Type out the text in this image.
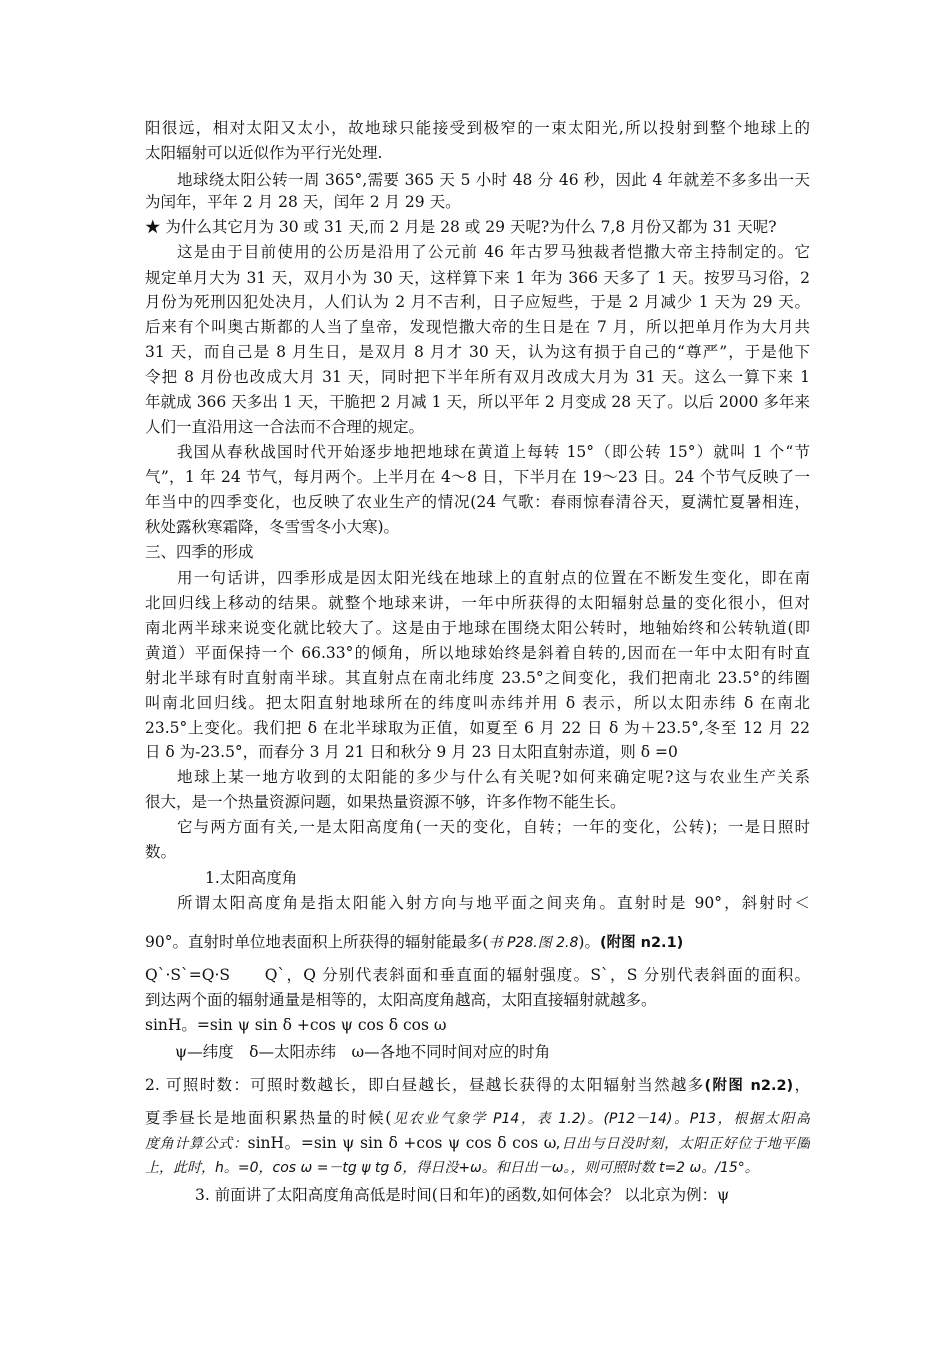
阳很远，相对太阳又太小，故地球只能接受到极窄的一束太阳光,所以投射到整个地球上的
太阳辐射可以近似作为平行光处理.
地球绕太阳公转一周 365°,需要 365 天 5 小时 48 分 46 秒，因此 4 年就差不多多出一天
为闰年，平年 2 月 28 天，闰年 2 月 29 天。
★ 为什么其它月为 30 或 31 天,而 2 月是 28 或 29 天呢?为什么 7,8 月份又都为 31 天呢?
这是由于目前使用的公历是沿用了公元前 46 年古罗马独裁者恺撒大帝主持制定的。它
规定单月大为 31 天，双月小为 30 天，这样算下来 1 年为 366 天多了 1 天。按罗马习俗，2
月份为死刑囚犯处决月，人们认为 2 月不吉利，日子应短些，于是 2 月减少 1 天为 29 天。
后来有个叫奥古斯都的人当了皇帝，发现恺撒大帝的生日是在 7 月，所以把单月作为大月共
31 天，而自己是 8 月生日，是双月 8 月才 30 天，认为这有损于自己的“尊严”，于是他下
令把 8 月份也改成大月 31 天，同时把下半年所有双月改成大月为 31 天。这么一算下来 1
年就成 366 天多出 1 天，干脆把 2 月减 1 天，所以平年 2 月变成 28 天了。以后 2000 多年来
人们一直沿用这一合法而不合理的规定。
我国从春秋战国时代开始逐步地把地球在黄道上每转 15°（即公转 15°）就叫 1 个“节
气”，1 年 24 节气，每月两个。上半月在 4～8 日，下半月在 19～23 日。24 个节气反映了一
年当中的四季变化，也反映了农业生产的情况(24 气歌：春雨惊春清谷天，夏满忙夏暑相连，
秋处露秋寒霜降，冬雪雪冬小大寒)。
三、四季的形成
用一句话讲，四季形成是因太阳光线在地球上的直射点的位置在不断发生变化，即在南
北回归线上移动的结果。就整个地球来讲，一年中所获得的太阳辐射总量的变化很小，但对
南北两半球来说变化就比较大了。这是由于地球在围绕太阳公转时，地轴始终和公转轨道(即
黄道）平面保持一个 66.33°的倾角，所以地球始终是斜着自转的,因而在一年中太阳有时直
射北半球有时直射南半球。其直射点在南北纬度 23.5°之间变化，我们把南北 23.5°的纬圈
叫南北回归线。把太阳直射地球所在的纬度叫赤纬并用 δ 表示，所以太阳赤纬 δ 在南北
23.5°上变化。我们把 δ 在北半球取为正值，如夏至 6 月 22 日 δ 为＋23.5°,冬至 12 月 22
日 δ 为-23.5°，而春分 3 月 21 日和秋分 9 月 23 日太阳直射赤道，则 δ =0
地球上某一地方收到的太阳能的多少与什么有关呢?如何来确定呢?这与农业生产关系
很大，是一个热量资源问题，如果热量资源不够，许多作物不能生长。
它与两方面有关,一是太阳高度角(一天的变化，自转；一年的变化，公转)；一是日照时
数。
1.太阳高度角
所谓太阳高度角是指太阳能入射方向与地平面之间夹角。直射时是 90°，斜射时＜
90°。直射时单位地表面积上所获得的辐射能最多(书 P28.图 2.8)。(附图 n2.1)
Q`·S`=Q·S　　Q`，Q 分别代表斜面和垂直面的辐射强度。S`，S 分别代表斜面的面积。
到达两个面的辐射通量是相等的，太阳高度角越高，太阳直接辐射就越多。
sinH。=sin ψ sin δ +cos ψ cos δ cos ω
ψ—纬度　δ—太阳赤纬　ω—各地不同时间对应的时角
2. 可照时数：可照时数越长，即白昼越长，昼越长获得的太阳辐射当然越多(附图 n2.2)，
夏季昼长是地面积累热量的时候(见农业气象学 P14，表 1.2)。(P12－14)。P13，根据太阳高
度角计算公式：sinH。=sin ψ sin δ +cos ψ cos δ cos ω,日出与日没时刻，太阳正好位于地平圈
上，此时，h。=0，cos ω =－tg ψ tg δ，得日没+ω。和日出－ω。，则可照时数 t=2 ω。/15°。
3. 前面讲了太阳高度角高低是时间(日和年)的函数,如何体会？ 以北京为例：ψ
